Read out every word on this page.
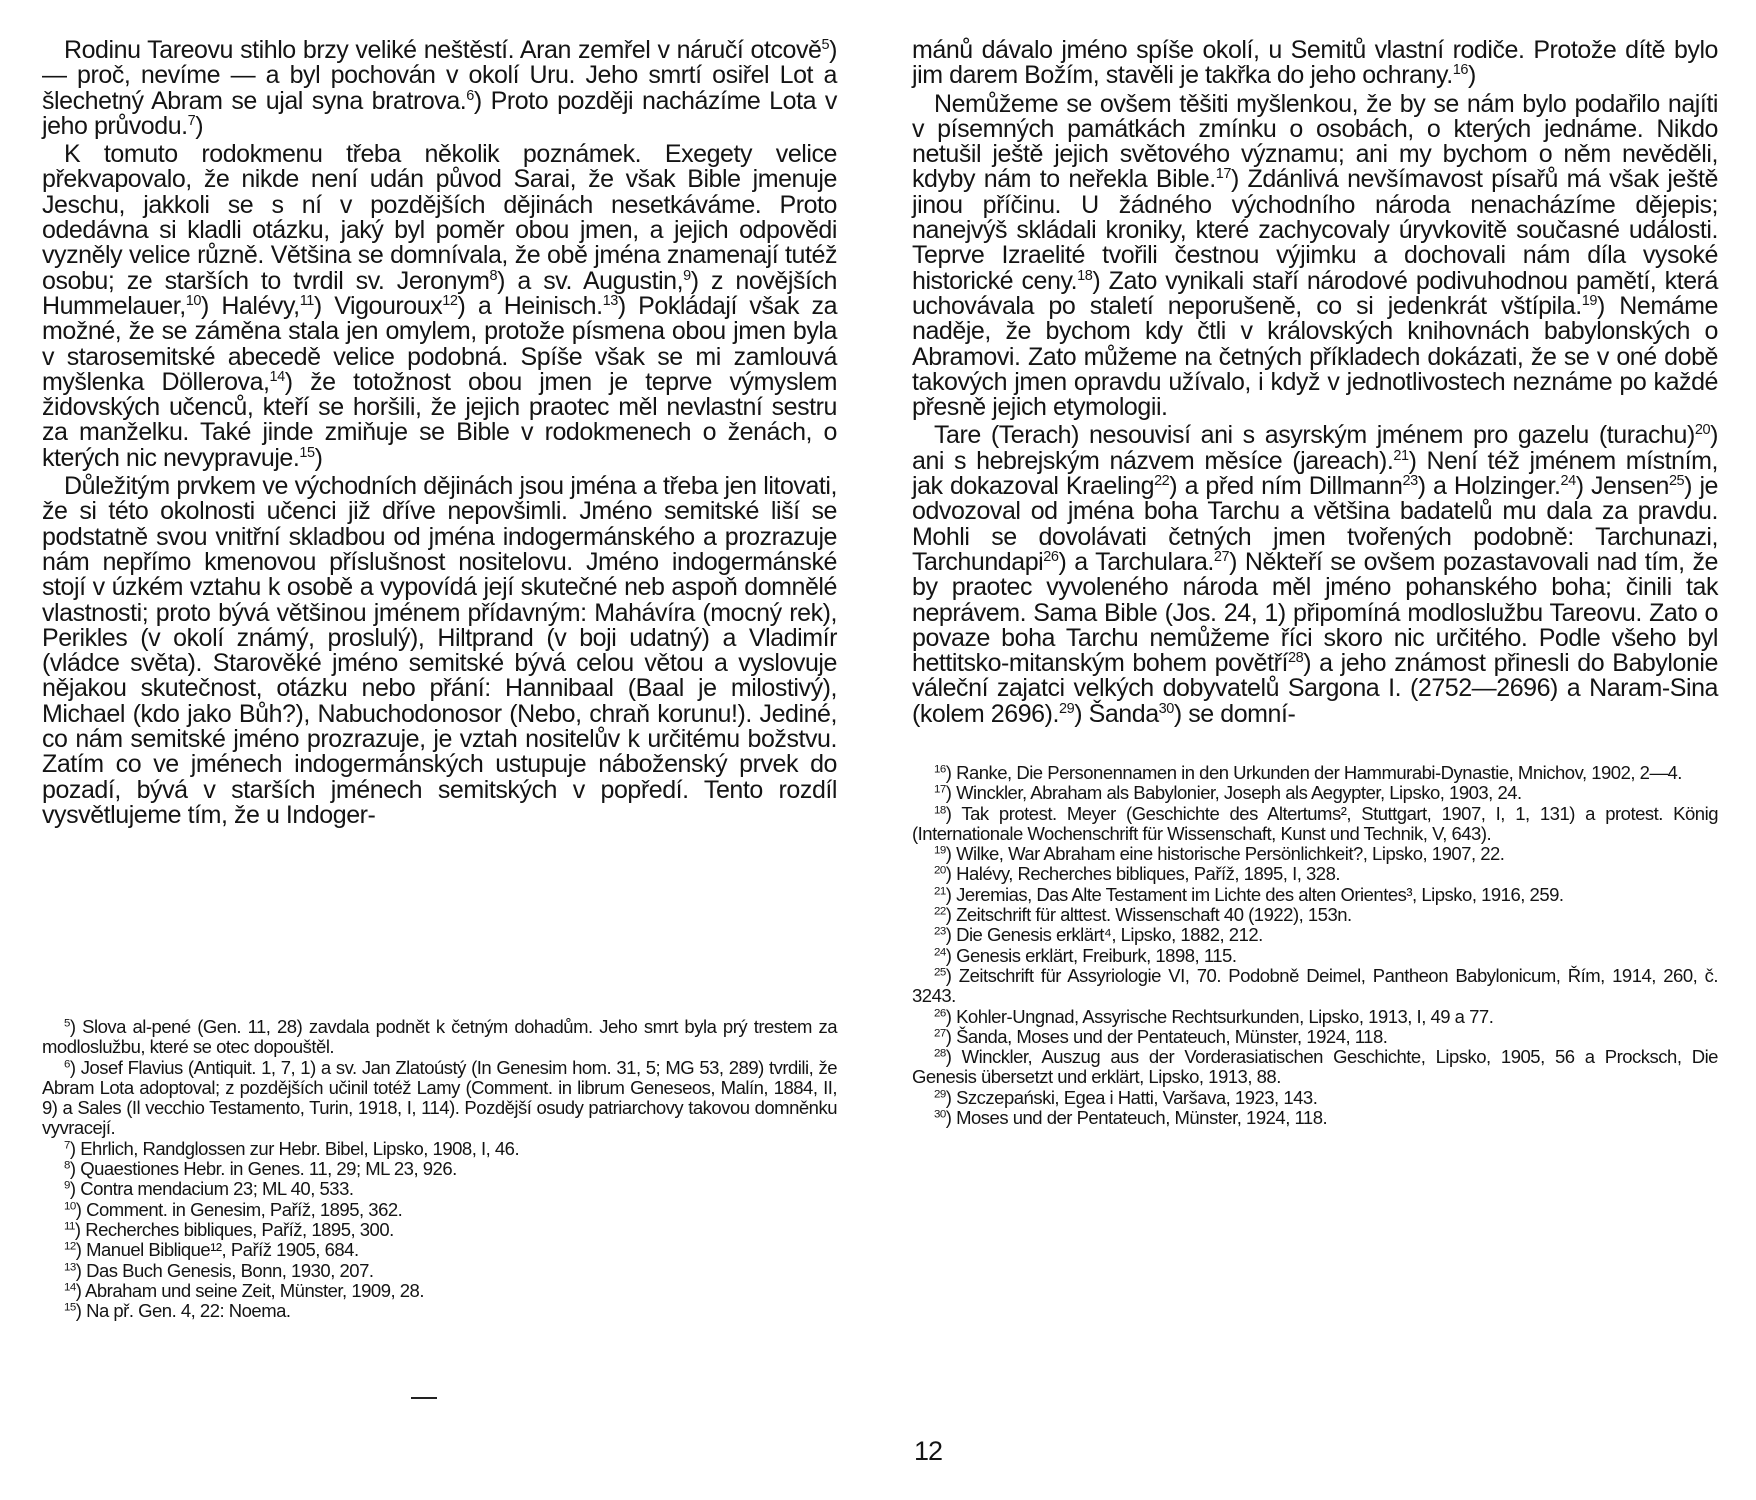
Rodinu Tareovu stihlo brzy veliké neštěstí. Aran zemřel v náručí otcově$^5$) — proč, nevíme — a byl pochován v okolí Uru. Jeho smrtí osiřel Lot a šlechetný Abram se ujal syna bratrova.$^6$) Proto později nacházíme Lota v jeho průvodu.$^7$)

K tomuto rodokmenu třeba několik poznámek. Exegety velice překvapovalo, že nikde není udán původ Sarai, že však Bible jmenuje Jeschu, jakkoli se s ní v pozdějších dějinách nesetkáváme. Proto odedávna si kladli otázku, jaký byl poměr obou jmen, a jejich odpovědi vyzněly velice různě. Většina se domnívala, že obě jména znamenají tutéž osobu; ze starších to tvrdil sv. Jeronym$^8$) a sv. Augustin,$^9$) z novějších Hummelauer,$^{10}$) Halévy,$^{11}$) Vigouroux$^{12}$) a Heinisch.$^{13}$) Pokládají však za možné, že se záměna stala jen omylem, protože písmena obou jmen byla v starosemitské abecedě velice podobná. Spíše však se mi zamlouvá myšlenka Döllerova,$^{14}$) že totožnost obou jmen je teprve výmyslem židovských učenců, kteří se horšili, že jejich praotec měl nevlastní sestru za manželku. Také jinde zmiňuje se Bible v rodokmenech o ženách, o kterých nic nevypravuje.$^{15}$)

Důležitým prvkem ve východních dějinách jsou jména a třeba jen litovati, že si této okolnosti učenci již dříve nepovšimli. Jméno semitské liší se podstatně svou vnitřní skladbou od jména indogermánského a prozrazuje nám nepřímo kmenovou příslušnost nositelovu. Jméno indogermánské stojí v úzkém vztahu k osobě a vypovídá její skutečné neb aspoň domnělé vlastnosti; proto bývá většinou jménem přídavným: Mahávíra (mocný rek), Perikles (v okolí známý, proslulý), Hiltprand (v boji udatný) a Vladimír (vládce světa). Starověké jméno semitské bývá celou větou a vyslovuje nějakou skutečnost, otázku nebo přání: Hannibaal (Baal je milostivý), Michael (kdo jako Bůh?), Nabuchodonosor (Nebo, chraň korunu!). Jediné, co nám semitské jméno prozrazuje, je vztah nositelův k určitému božstvu. Zatím co ve jménech indogermánských ustupuje náboženský prvek do pozadí, bývá v starších jménech semitských v popředí. Tento rozdíl vysvětlujeme tím, že u Indoger-

$^5$) Slova al-pené (Gen. 11, 28) zavdala podnět k četným dohadům. Jeho smrt byla prý trestem za modloslužbu, které se otec dopouštěl.

$^6$) Josef Flavius (Antiquit. 1, 7, 1) a sv. Jan Zlatoústý (In Genesim hom. 31, 5; MG 53, 289) tvrdili, že Abram Lota adoptoval; z pozdějších učinil totéž Lamy (Comment. in librum Geneseos, Malín, 1884, II, 9) a Sales (Il vecchio Testamento, Turin, 1918, I, 114). Pozdější osudy patriarchovy takovou domněnku vyvracejí.

$^7$) Ehrlich, Randglossen zur Hebr. Bibel, Lipsko, 1908, I, 46.

$^8$) Quaestiones Hebr. in Genes. 11, 29; ML 23, 926.

$^9$) Contra mendacium 23; ML 40, 533.

$^{10}$) Comment. in Genesim, Paříž, 1895, 362.

$^{11}$) Recherches bibliques, Paříž, 1895, 300.

$^{12}$) Manuel Biblique¹², Paříž 1905, 684.

$^{13}$) Das Buch Genesis, Bonn, 1930, 207.

$^{14}$) Abraham und seine Zeit, Münster, 1909, 28.

$^{15}$) Na př. Gen. 4, 22: Noema.

mánů dávalo jméno spíše okolí, u Semitů vlastní rodiče. Protože dítě bylo jim darem Božím, stavěli je takřka do jeho ochrany.$^{16}$)

Nemůžeme se ovšem těšiti myšlenkou, že by se nám bylo podařilo najíti v písemných památkách zmínku o osobách, o kterých jednáme. Nikdo netušil ještě jejich světového významu; ani my bychom o něm nevěděli, kdyby nám to neřekla Bible.$^{17}$) Zdánlivá nevšímavost písařů má však ještě jinou příčinu. U žádného východního národa nenacházíme dějepis; nanejvýš skládali kroniky, které zachycovaly úryvkovitě současné události. Teprve Izraelité tvořili čestnou výjimku a dochovali nám díla vysoké historické ceny.$^{18}$) Zato vynikali staří národové podivuhodnou pamětí, která uchovávala po staletí neporušeně, co si jedenkrát vštípila.$^{19}$) Nemáme naděje, že bychom kdy čtli v královských knihovnách babylonských o Abramovi. Zato můžeme na četných příkladech dokázati, že se v oné době takových jmen opravdu užívalo, i když v jednotlivostech neznáme po každé přesně jejich etymologii.

Tare (Terach) nesouvisí ani s asyrským jménem pro gazelu (turachu)$^{20}$) ani s hebrejským názvem měsíce (jareach).$^{21}$) Není též jménem místním, jak dokazoval Kraeling$^{22}$) a před ním Dillmann$^{23}$) a Holzinger.$^{24}$) Jensen$^{25}$) je odvozoval od jména boha Tarchu a většina badatelů mu dala za pravdu. Mohli se dovolávati četných jmen tvořených podobně: Tarchunazi, Tarchundapi$^{26}$) a Tarchulara.$^{27}$) Někteří se ovšem pozastavovali nad tím, že by praotec vyvoleného národa měl jméno pohanského boha; činili tak neprávem. Sama Bible (Jos. 24, 1) připomíná modloslužbu Tareovu. Zato o povaze boha Tarchu nemůžeme říci skoro nic určitého. Podle všeho byl hettitsko-mitanským bohem povětří$^{28}$) a jeho známost přinesli do Babylonie váleční zajatci velkých dobyvatelů Sargona I. (2752—2696) a Naram-Sina (kolem 2696).$^{29}$) Šanda$^{30}$) se domní-

$^{16}$) Ranke, Die Personennamen in den Urkunden der Hammurabi-Dynastie, Mnichov, 1902, 2—4.

$^{17}$) Winckler, Abraham als Babylonier, Joseph als Aegypter, Lipsko, 1903, 24.

$^{18}$) Tak protest. Meyer (Geschichte des Altertums², Stuttgart, 1907, I, 1, 131) a protest. König (Internationale Wochenschrift für Wissenschaft, Kunst und Technik, V, 643).

$^{19}$) Wilke, War Abraham eine historische Persönlichkeit?, Lipsko, 1907, 22.

$^{20}$) Halévy, Recherches bibliques, Paříž, 1895, I, 328.

$^{21}$) Jeremias, Das Alte Testament im Lichte des alten Orientes³, Lipsko, 1916, 259.

$^{22}$) Zeitschrift für alttest. Wissenschaft 40 (1922), 153n.

$^{23}$) Die Genesis erklärt⁴, Lipsko, 1882, 212.

$^{24}$) Genesis erklärt, Freiburk, 1898, 115.

$^{25}$) Zeitschrift für Assyriologie VI, 70. Podobně Deimel, Pantheon Babylonicum, Řím, 1914, 260, č. 3243.

$^{26}$) Kohler-Ungnad, Assyrische Rechtsurkunden, Lipsko, 1913, I, 49 a 77.

$^{27}$) Šanda, Moses und der Pentateuch, Münster, 1924, 118.

$^{28}$) Winckler, Auszug aus der Vorderasiatischen Geschichte, Lipsko, 1905, 56 a Procksch, Die Genesis übersetzt und erklärt, Lipsko, 1913, 88.

$^{29}$) Szczepański, Egea i Hatti, Varšava, 1923, 143.

$^{30}$) Moses und der Pentateuch, Münster, 1924, 118.

12
